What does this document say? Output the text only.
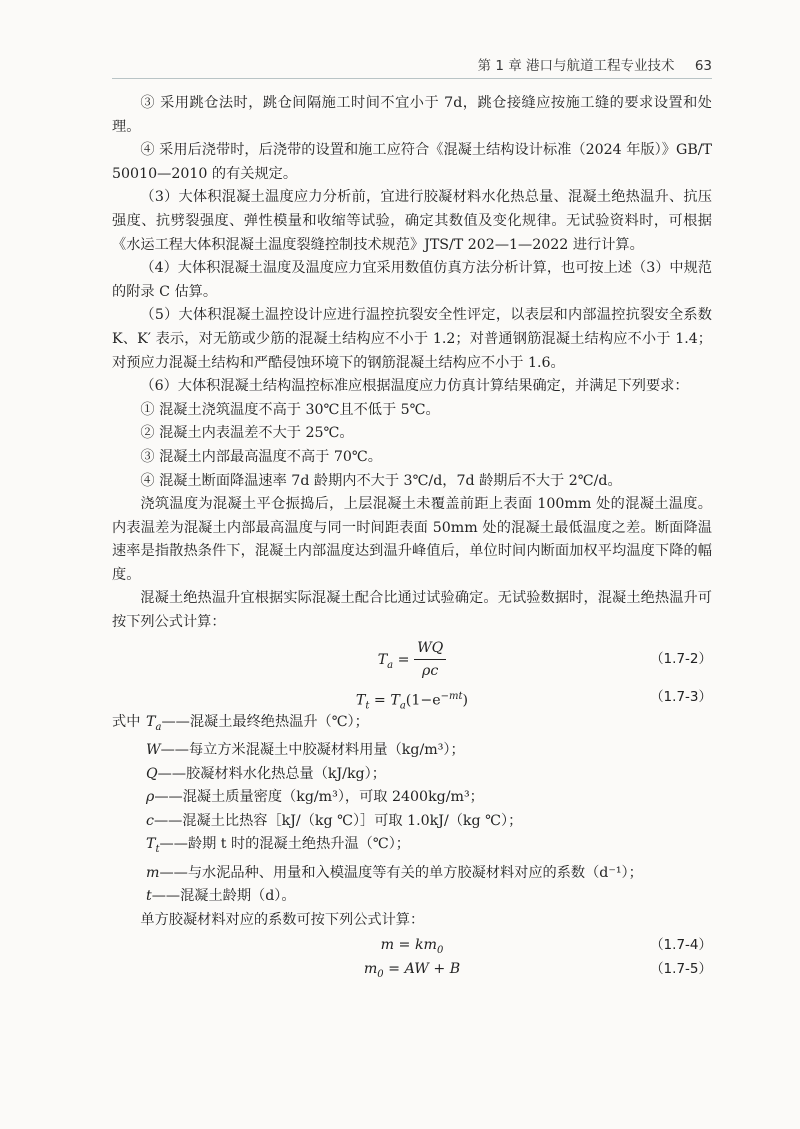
第 1 章 港口与航道工程专业技术 63

③ 采用跳仓法时，跳仓间隔施工时间不宜小于 7d，跳仓接缝应按施工缝的要求设置和处理。

④ 采用后浇带时，后浇带的设置和施工应符合《混凝土结构设计标准（2024 年版）》GB/T 50010—2010 的有关规定。

（3）大体积混凝土温度应力分析前，宜进行胶凝材料水化热总量、混凝土绝热温升、抗压强度、抗劈裂强度、弹性模量和收缩等试验，确定其数值及变化规律。无试验资料时，可根据《水运工程大体积混凝土温度裂缝控制技术规范》JTS/T 202—1—2022 进行计算。

（4）大体积混凝土温度及温度应力宜采用数值仿真方法分析计算，也可按上述（3）中规范的附录 C 估算。

（5）大体积混凝土温控设计应进行温控抗裂安全性评定，以表层和内部温控抗裂安全系数 K、K′ 表示，对无筋或少筋的混凝土结构应不小于 1.2；对普通钢筋混凝土结构应不小于 1.4；对预应力混凝土结构和严酷侵蚀环境下的钢筋混凝土结构应不小于 1.6。

（6）大体积混凝土结构温控标准应根据温度应力仿真计算结果确定，并满足下列要求：

① 混凝土浇筑温度不高于 30℃且不低于 5℃。

② 混凝土内表温差不大于 25℃。

③ 混凝土内部最高温度不高于 70℃。

④ 混凝土断面降温速率 7d 龄期内不大于 3℃/d，7d 龄期后不大于 2℃/d。

浇筑温度为混凝土平仓振捣后，上层混凝土未覆盖前距上表面 100mm 处的混凝土温度。内表温差为混凝土内部最高温度与同一时间距表面 50mm 处的混凝土最低温度之差。断面降温速率是指散热条件下，混凝土内部温度达到温升峰值后，单位时间内断面加权平均温度下降的幅度。

混凝土绝热温升宜根据实际混凝土配合比通过试验确定。无试验数据时，混凝土绝热温升可按下列公式计算：

$T_a = \frac{WQ}{\rho c}$	（1.7-2）
$T_t = T_a(1-e^{-mt})$	（1.7-3）
式中 $T_a——$混凝土最终绝热温升（℃）；
W——每立方米混凝土中胶凝材料用量（kg/m³）；
Q——胶凝材料水化热总量（kJ/kg）；
ρ——混凝土质量密度（kg/m³），可取 2400kg/m³；
c——混凝土比热容［kJ/（kg ℃）］可取 1.0kJ/（kg ℃）；
$T_t——$龄期 t 时的混凝土绝热升温（℃）；
m——与水泥品种、用量和入模温度等有关的单方胶凝材料对应的系数（d⁻¹）；
t——混凝土龄期（d）。

单方胶凝材料对应的系数可按下列公式计算：

$m = km_0$	（1.7-4）
$m_0$ = AW + B	（1.7-5）
